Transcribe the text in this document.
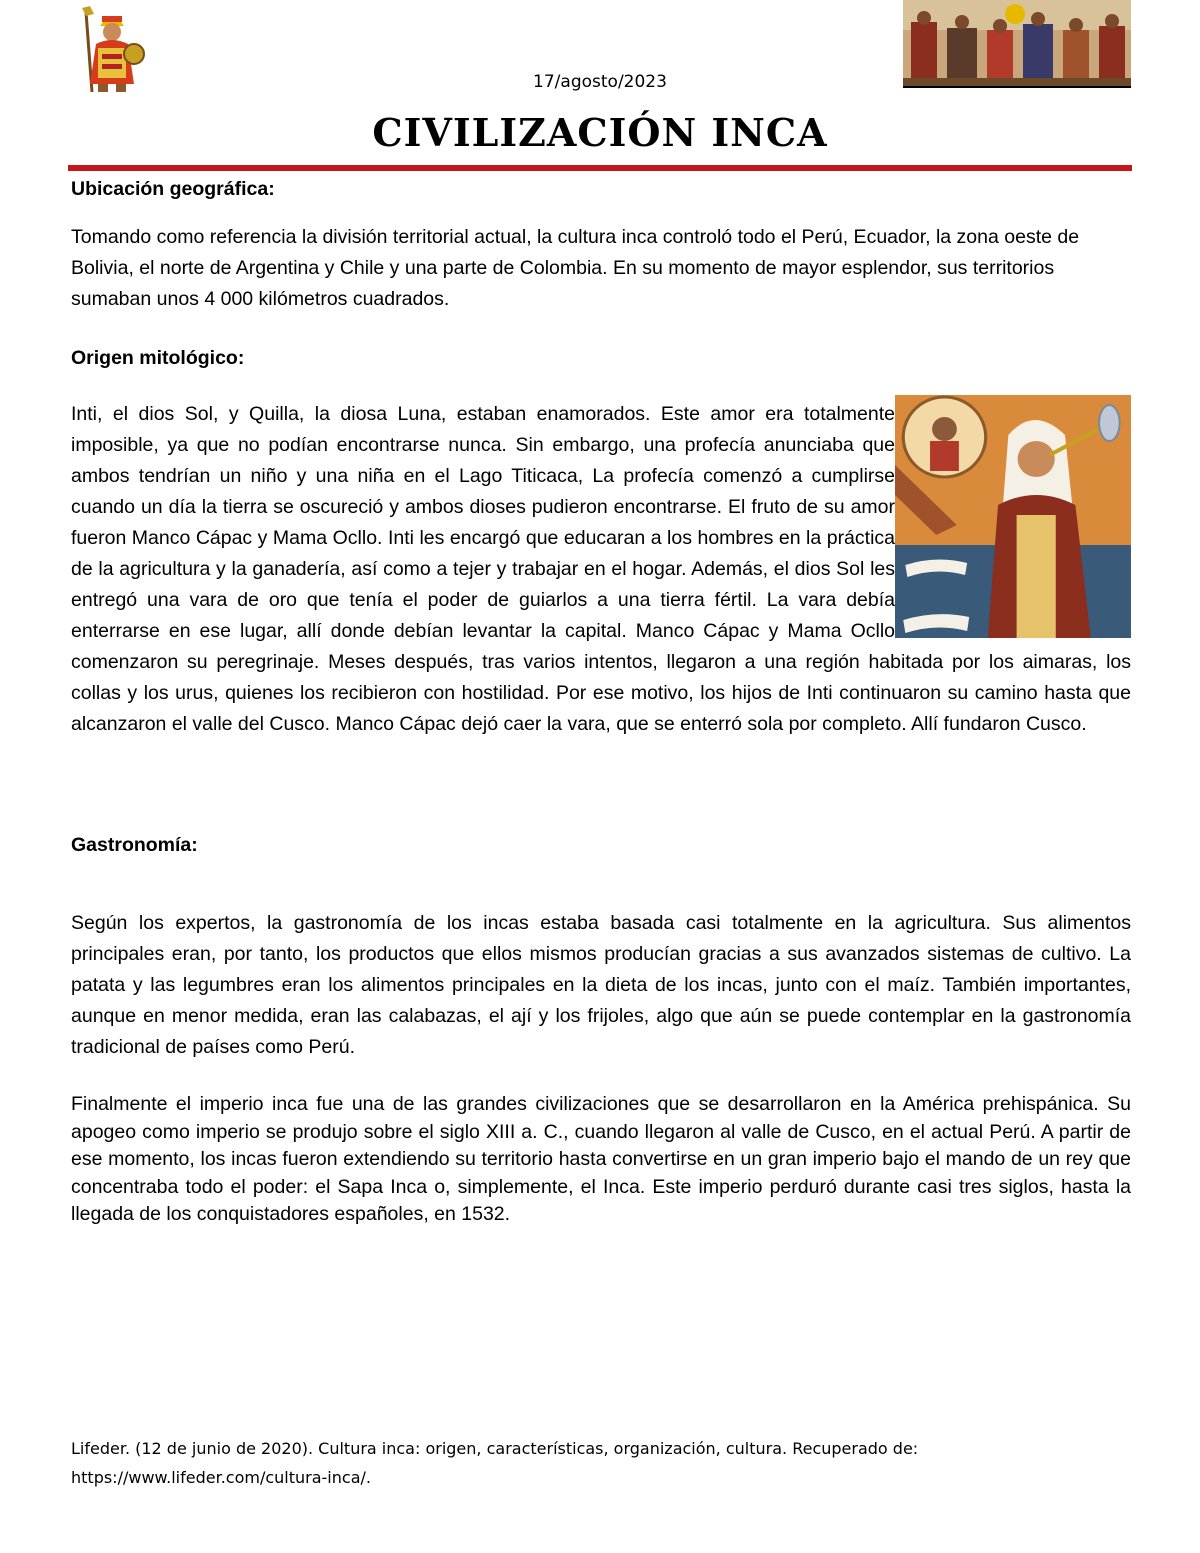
17/agosto/2023
CIVILIZACIÓN INCA

Ubicación geográfica:

Tomando como referencia la división territorial actual, la cultura inca controló todo el Perú, Ecuador, la zona oeste de Bolivia, el norte de Argentina y Chile y una parte de Colombia. En su momento de mayor esplendor, sus territorios sumaban unos 4 000 kilómetros cuadrados.

Origen mitológico:

Inti, el dios Sol, y Quilla, la diosa Luna, estaban enamorados. Este amor era totalmente imposible, ya que no podían encontrarse nunca. Sin embargo, una profecía anunciaba que ambos tendrían un niño y una niña en el Lago Titicaca, La profecía comenzó a cumplirse cuando un día la tierra se oscureció y ambos dioses pudieron encontrarse. El fruto de su amor fueron Manco Cápac y Mama Ocllo. Inti les encargó que educaran a los hombres en la práctica de la agricultura y la ganadería, así como a tejer y trabajar en el hogar. Además, el dios Sol les entregó una vara de oro que tenía el poder de guiarlos a una tierra fértil. La vara debía enterrarse en ese lugar, allí donde debían levantar la capital. Manco Cápac y Mama Ocllo comenzaron su peregrinaje. Meses después, tras varios intentos, llegaron a una región habitada por los aimaras, los collas y los urus, quienes los recibieron con hostilidad. Por ese motivo, los hijos de Inti continuaron su camino hasta que alcanzaron el valle del Cusco. Manco Cápac dejó caer la vara, que se enterró sola por completo. Allí fundaron Cusco.

Gastronomía:

Según los expertos, la gastronomía de los incas estaba basada casi totalmente en la agricultura. Sus alimentos principales eran, por tanto, los productos que ellos mismos producían gracias a sus avanzados sistemas de cultivo. La patata y las legumbres eran los alimentos principales en la dieta de los incas, junto con el maíz. También importantes, aunque en menor medida, eran las calabazas, el ají y los frijoles, algo que aún se puede contemplar en la gastronomía tradicional de países como Perú.

Finalmente el imperio inca fue una de las grandes civilizaciones que se desarrollaron en la América prehispánica. Su apogeo como imperio se produjo sobre el siglo XIII a. C., cuando llegaron al valle de Cusco, en el actual Perú. A partir de ese momento, los incas fueron extendiendo su territorio hasta convertirse en un gran imperio bajo el mando de un rey que concentraba todo el poder: el Sapa Inca o, simplemente, el Inca. Este imperio perduró durante casi tres siglos, hasta la llegada de los conquistadores españoles, en 1532.

Lifeder. (12 de junio de 2020). Cultura inca: origen, características, organización, cultura. Recuperado de: https://www.lifeder.com/cultura-inca/.
